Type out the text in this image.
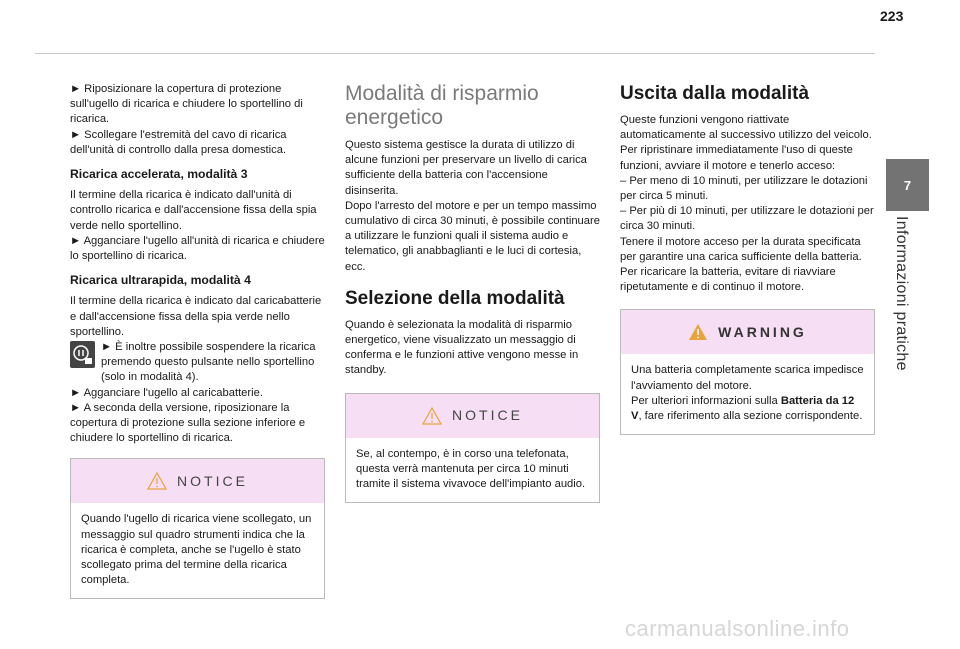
223
7
Informazioni pratiche
carmanualsonline.info

► Riposizionare la copertura di protezione sull'ugello di ricarica e chiudere lo sportellino di ricarica.

► Scollegare l'estremità del cavo di ricarica dell'unità di controllo dalla presa domestica.

Ricarica accelerata, modalità 3

Il termine della ricarica è indicato dall'unità di controllo ricarica e dall'accensione fissa della spia verde nello sportellino.

► Agganciare l'ugello all'unità di ricarica e chiudere lo sportellino di ricarica.

Ricarica ultrarapida, modalità 4

Il termine della ricarica è indicato dal caricabatterie e dall'accensione fissa della spia verde nello sportellino.

► È inoltre possibile sospendere la ricarica premendo questo pulsante nello sportellino (solo in modalità 4).

► Agganciare l'ugello al caricabatterie.

► A seconda della versione, riposizionare la copertura di protezione sulla sezione inferiore e chiudere lo sportellino di ricarica.

NOTICE
Quando l'ugello di ricarica viene scollegato, un messaggio sul quadro strumenti indica che la ricarica è completa, anche se l'ugello è stato scollegato prima del termine della ricarica completa.
Modalità di risparmio energetico

Questo sistema gestisce la durata di utilizzo di alcune funzioni per preservare un livello di carica sufficiente della batteria con l'accensione disinserita.

Dopo l'arresto del motore e per un tempo massimo cumulativo di circa 30 minuti, è possibile continuare a utilizzare le funzioni quali il sistema audio e telematico, gli anabbaglianti e le luci di cortesia, ecc.

Selezione della modalità

Quando è selezionata la modalità di risparmio energetico, viene visualizzato un messaggio di conferma e le funzioni attive vengono messe in standby.

NOTICE
Se, al contempo, è in corso una telefonata, questa verrà mantenuta per circa 10 minuti tramite il sistema vivavoce dell'impianto audio.
Uscita dalla modalità

Queste funzioni vengono riattivate automaticamente al successivo utilizzo del veicolo.

Per ripristinare immediatamente l'uso di queste funzioni, avviare il motore e tenerlo acceso:

– Per meno di 10 minuti, per utilizzare le dotazioni per circa 5 minuti.

– Per più di 10 minuti, per utilizzare le dotazioni per circa 30 minuti.

Tenere il motore acceso per la durata specificata per garantire una carica sufficiente della batteria.

Per ricaricare la batteria, evitare di riavviare ripetutamente e di continuo il motore.

WARNING

Una batteria completamente scarica impedisce l'avviamento del motore.

Per ulteriori informazioni sulla Batteria da 12 V, fare riferimento alla sezione corrispondente.
